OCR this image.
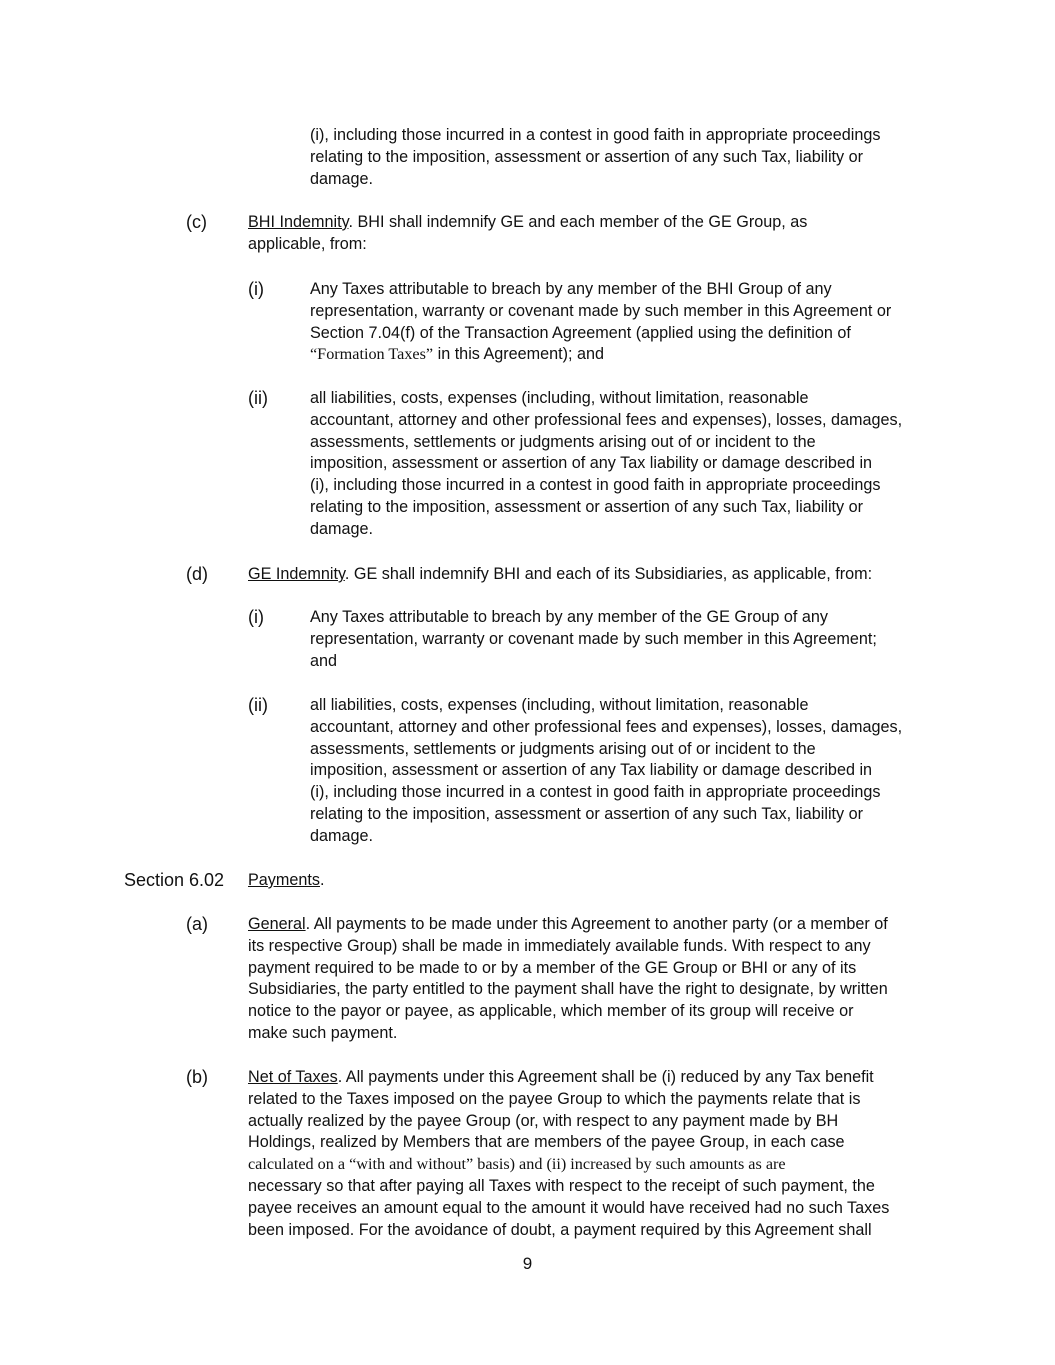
(i), including those incurred in a contest in good faith in appropriate proceedings
relating to the imposition, assessment or assertion of any such Tax, liability or
damage.
(c)	BHI Indemnity. BHI shall indemnify GE and each member of the GE Group, as
applicable, from:
(i)	Any Taxes attributable to breach by any member of the BHI Group of any
representation, warranty or covenant made by such member in this Agreement or
Section 7.04(f) of the Transaction Agreement (applied using the definition of
“Formation Taxes” in this Agreement); and
(ii)	all liabilities, costs, expenses (including, without limitation, reasonable
accountant, attorney and other professional fees and expenses), losses, damages,
assessments, settlements or judgments arising out of or incident to the
imposition, assessment or assertion of any Tax liability or damage described in
(i), including those incurred in a contest in good faith in appropriate proceedings
relating to the imposition, assessment or assertion of any such Tax, liability or
damage.
(d) GE Indemnity. GE shall indemnify BHI and each of its Subsidiaries, as applicable, from:
(i)	Any Taxes attributable to breach by any member of the GE Group of any
representation, warranty or covenant made by such member in this Agreement;
and
(ii)	all liabilities, costs, expenses (including, without limitation, reasonable
accountant, attorney and other professional fees and expenses), losses, damages,
assessments, settlements or judgments arising out of or incident to the
imposition, assessment or assertion of any Tax liability or damage described in
(i), including those incurred in a contest in good faith in appropriate proceedings
relating to the imposition, assessment or assertion of any such Tax, liability or
damage.
Section 6.02 Payments.
(a) General. All payments to be made under this Agreement to another party (or a member of
its respective Group) shall be made in immediately available funds. With respect to any
payment required to be made to or by a member of the GE Group or BHI or any of its
Subsidiaries, the party entitled to the payment shall have the right to designate, by written
notice to the payor or payee, as applicable, which member of its group will receive or
make such payment.
(b) Net of Taxes. All payments under this Agreement shall be (i) reduced by any Tax benefit
related to the Taxes imposed on the payee Group to which the payments relate that is
actually realized by the payee Group (or, with respect to any payment made by BH
Holdings, realized by Members that are members of the payee Group, in each case
calculated on a “with and without” basis) and (ii) increased by such amounts as are
necessary so that after paying all Taxes with respect to the receipt of such payment, the
payee receives an amount equal to the amount it would have received had no such Taxes
been imposed. For the avoidance of doubt, a payment required by this Agreement shall
9
